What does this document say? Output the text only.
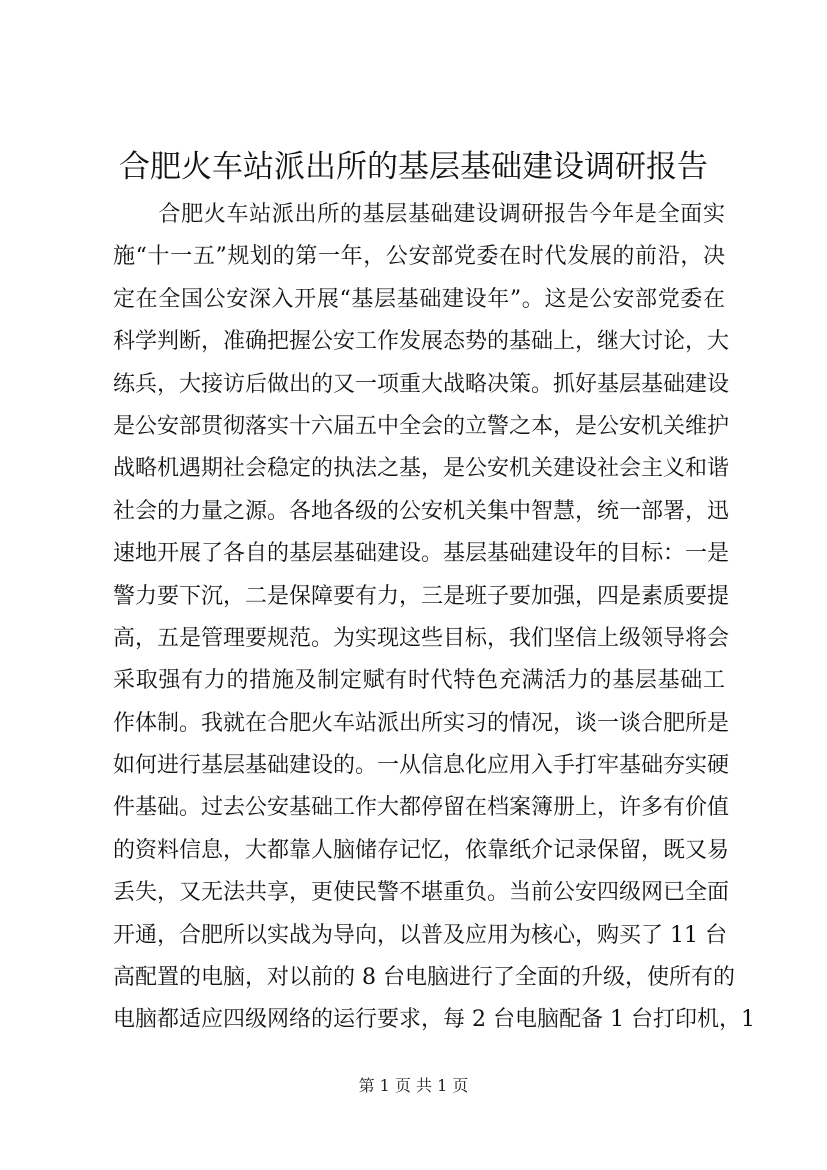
合肥火车站派出所的基层基础建设调研报告
　　合肥火车站派出所的基层基础建设调研报告今年是全面实
施“十一五”规划的第一年，公安部党委在时代发展的前沿，决
定在全国公安深入开展“基层基础建设年”。这是公安部党委在
科学判断，准确把握公安工作发展态势的基础上，继大讨论，大
练兵，大接访后做出的又一项重大战略决策。抓好基层基础建设
是公安部贯彻落实十六届五中全会的立警之本，是公安机关维护
战略机遇期社会稳定的执法之基，是公安机关建设社会主义和谐
社会的力量之源。各地各级的公安机关集中智慧，统一部署，迅
速地开展了各自的基层基础建设。基层基础建设年的目标：一是
警力要下沉，二是保障要有力，三是班子要加强，四是素质要提
高，五是管理要规范。为实现这些目标，我们坚信上级领导将会
采取强有力的措施及制定赋有时代特色充满活力的基层基础工
作体制。我就在合肥火车站派出所实习的情况，谈一谈合肥所是
如何进行基层基础建设的。一从信息化应用入手打牢基础夯实硬
件基础。过去公安基础工作大都停留在档案簿册上，许多有价值
的资料信息，大都靠人脑储存记忆，依靠纸介记录保留，既又易
丢失，又无法共享，更使民警不堪重负。当前公安四级网已全面
开通，合肥所以实战为导向，以普及应用为核心，购买了 11 台
高配置的电脑，对以前的 8 台电脑进行了全面的升级，使所有的
电脑都适应四级网络的运行要求，每 2 台电脑配备 1 台打印机，1
第 1 页 共 1 页
